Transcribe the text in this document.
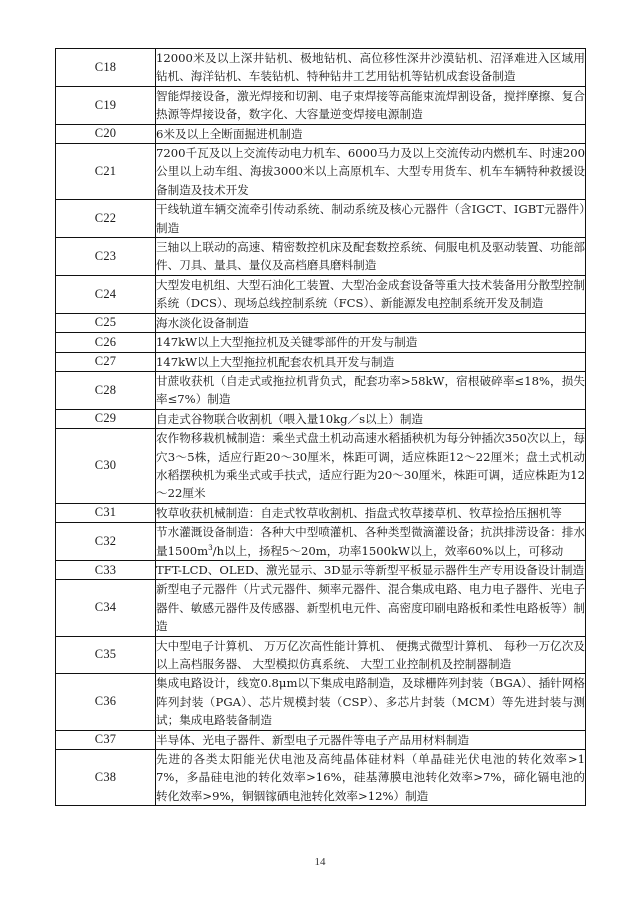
C18	12000米及以上深井钻机、极地钻机、高位移性深井沙漠钻机、沼泽难进入区域用钻机、海洋钻机、车装钻机、特种钻井工艺用钻机等钻机成套设备制造

C19	智能焊接设备，激光焊接和切割、电子束焊接等高能束流焊割设备，搅拌摩擦、复合热源等焊接设备，数字化、大容量逆变焊接电源制造

C20	6米及以上全断面掘进机制造

C21	7200千瓦及以上交流传动电力机车、6000马力及以上交流传动内燃机车、时速200公里以上动车组、海拔3000米以上高原机车、大型专用货车、机车车辆特种救援设备制造及技术开发

C22	干线轨道车辆交流牵引传动系统、制动系统及核心元器件（含IGCT、IGBT元器件）制造

C23	三轴以上联动的高速、精密数控机床及配套数控系统、伺服电机及驱动装置、功能部件、刀具、量具、量仪及高档磨具磨料制造

C24	大型发电机组、大型石油化工装置、大型冶金成套设备等重大技术装备用分散型控制系统（DCS）、现场总线控制系统（FCS）、新能源发电控制系统开发及制造

C25	海水淡化设备制造

C26	147kW以上大型拖拉机及关键零部件的开发与制造

C27	147kW以上大型拖拉机配套农机具开发与制造

C28	甘蔗收获机（自走式或拖拉机背负式，配套功率>58kW，宿根破碎率≤18%，损失率≤7%）制造

C29	自走式谷物联合收割机（喂入量10kg／s以上）制造

C30	农作物移栽机械制造：乘坐式盘土机动高速水稻插秧机为每分钟插次350次以上，每穴3～5株，适应行距20～30厘米，株距可调，适应株距12～22厘米；盘土式机动水稻摆秧机为乘坐式或手扶式，适应行距为20～30厘米，株距可调，适应株距为12～22厘米

C31	牧草收获机械制造：自走式牧草收割机、指盘式牧草搂草机、牧草捡拾压捆机等

C32	节水灌溉设备制造：各种大中型喷灌机、各种类型微滴灌设备；抗洪排涝设备：排水量$1500m^3/h$以上，扬程5～20m，功率1500kW以上，效率60%以上，可移动

C33	TFT-LCD、OLED、激光显示、3D显示等新型平板显示器件生产专用设备设计制造

C34	新型电子元器件（片式元器件、频率元器件、混合集成电路、电力电子器件、光电子器件、敏感元器件及传感器、新型机电元件、高密度印刷电路板和柔性电路板等）制造

C35	大中型电子计算机、 万万亿次高性能计算机、 便携式微型计算机、 每秒一万亿次及以上高档服务器、 大型模拟仿真系统、 大型工业控制机及控制器制造

C36	集成电路设计，线宽0.8μm以下集成电路制造，及球栅阵列封装（BGA）、插针网格阵列封装（PGA）、芯片规模封装（CSP）、多芯片封装（MCM）等先进封装与测试；集成电路装备制造

C37	半导体、光电子器件、新型电子元器件等电子产品用材料制造

C38	先进的各类太阳能光伏电池及高纯晶体硅材料（单晶硅光伏电池的转化效率>17%，多晶硅电池的转化效率>16%，硅基薄膜电池转化效率>7%，碲化镉电池的转化效率>9%，铜铟镓硒电池转化效率>12%）制造
14
